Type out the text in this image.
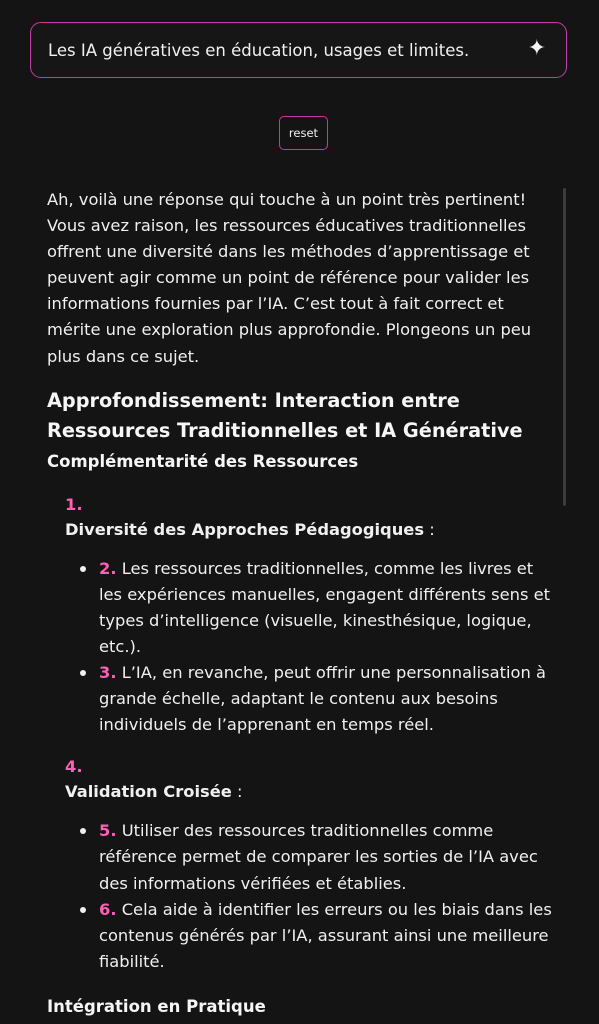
Les IA génératives en éducation, usages et limites.	✦
reset

Ah, voilà une réponse qui touche à un point très pertinent! Vous avez raison, les ressources éducatives traditionnelles offrent une diversité dans les méthodes d’apprentissage et peuvent agir comme un point de référence pour valider les informations fournies par l’IA. C’est tout à fait correct et mérite une exploration plus approfondie. Plongeons un peu plus dans ce sujet.

Approfondissement: Interaction entre Ressources Traditionnelles et IA Générative
Complémentarité des Ressources
1.
Diversité des Approches Pédagogiques :
2. Les ressources traditionnelles, comme les livres et les expériences manuelles, engagent différents sens et types d’intelligence (visuelle, kinesthésique, logique, etc.).
3. L’IA, en revanche, peut offrir une personnalisation à grande échelle, adaptant le contenu aux besoins individuels de l’apprenant en temps réel.
4.
Validation Croisée :
5. Utiliser des ressources traditionnelles comme référence permet de comparer les sorties de l’IA avec des informations vérifiées et établies.
6. Cela aide à identifier les erreurs ou les biais dans les contenus générés par l’IA, assurant ainsi une meilleure fiabilité.
Intégration en Pratique
